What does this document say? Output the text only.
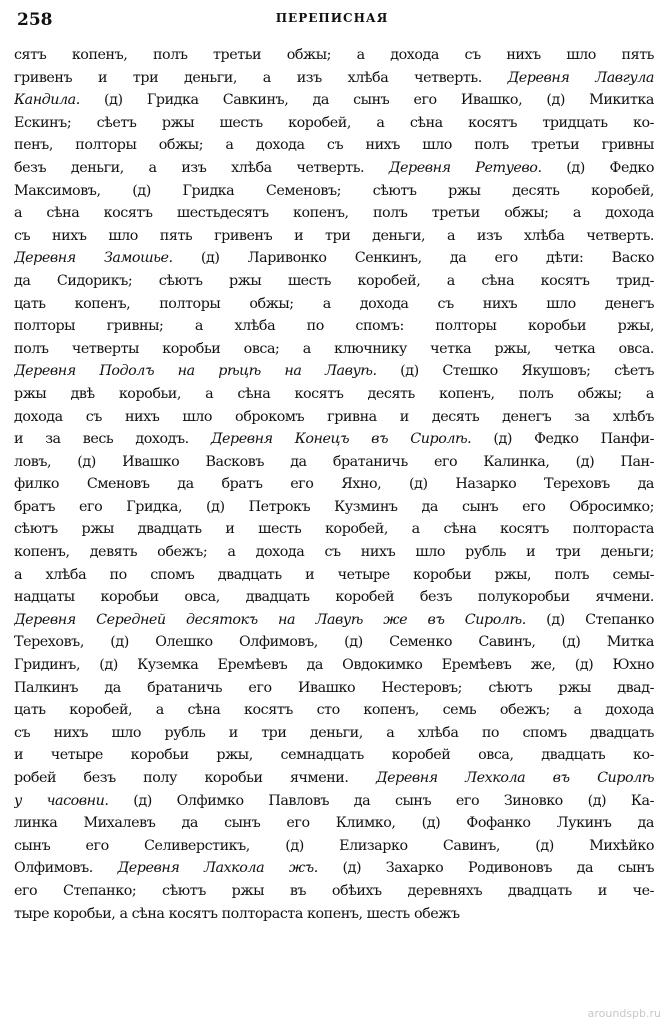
258	ПЕРЕПИСНАЯ
сятъ копенъ, полъ третьи обжы; а дохода съ нихъ шло пять
гривенъ и три деньги, а изъ хлѣба четверть. Деревня Лавгула
Кандила. (д) Гридка Савкинъ, да сынъ его Ивашко, (д) Микитка
Ескинъ; сѣетъ ржы шесть коробей, а сѣна косятъ тридцать ко-
пенъ, полторы обжы; а дохода съ нихъ шло полъ третьи гривны
безъ деньги, а изъ хлѣба четверть. Деревня Ретуево. (д) Федко
Максимовъ, (д) Гридка Семеновъ; сѣютъ ржы десять коробей,
а сѣна косятъ шестьдесятъ копенъ, полъ третьи обжы; а дохода
съ нихъ шло пять гривенъ и три деньги, а изъ хлѣба четверть.
Деревня Замошье. (д) Ларивонко Сенкинъ, да его дѣти: Васко
да Сидорикъ; сѣютъ ржы шесть коробей, а сѣна косятъ трид-
цать копенъ, полторы обжы; а дохода съ нихъ шло денегъ
полторы гривны; а хлѣба по спомъ: полторы коробьи ржы,
полъ четверты коробьи овса; а ключнику четка ржы, четка овса.
Деревня Подолъ на рѣцѣ на Лавуѣ. (д) Стешко Якушовъ; сѣетъ
ржы двѣ коробьи, а сѣна косятъ десять копенъ, полъ обжы; а
дохода съ нихъ шло оброкомъ гривна и десять денегъ за хлѣбъ
и за весь доходъ. Деревня Конецъ въ Сиролѣ. (д) Федко Панфи-
ловъ, (д) Ивашко Васковъ да братаничь его Калинка, (д) Пан-
филко Сменовъ да братъ его Яхно, (д) Назарко Тереховъ да
братъ его Гридка, (д) Петрокъ Кузминъ да сынъ его Обросимко;
сѣютъ ржы двадцать и шесть коробей, а сѣна косятъ полтораста
копенъ, девять обежъ; а дохода съ нихъ шло рубль и три деньги;
а хлѣба по спомъ двадцать и четыре коробьи ржы, полъ семы-
надцаты коробьи овса, двадцать коробей безъ полукоробьи ячмени.
Деревня Середней десятокъ на Лавуѣ же въ Сиролѣ. (д) Степанко
Тереховъ, (д) Олешко Олфимовъ, (д) Семенко Савинъ, (д) Митка
Гридинъ, (д) Куземка Еремѣевъ да Овдокимко Еремѣевъ же, (д) Юхно
Палкинъ да братаничь его Ивашко Нестеровъ; сѣютъ ржы двад-
цать коробей, а сѣна косятъ сто копенъ, семь обежъ; а дохода
съ нихъ шло рубль и три деньги, а хлѣба по спомъ двадцать
и четыре коробьи ржы, семнадцать коробей овса, двадцать ко-
робей безъ полу коробьи ячмени. Деревня Лехкола въ Сиролѣ
у часовни. (д) Олфимко Павловъ да сынъ его Зиновко (д) Ка-
линка Михалевъ да сынъ его Климко, (д) Фофанко Лукинъ да
сынъ его Селиверстикъ, (д) Елизарко Савинъ, (д) Михѣйко
Олфимовъ. Деревня Лахкола жъ. (д) Захарко Родивоновъ да сынъ
его Степанко; сѣютъ ржы въ обѣихъ деревняхъ двадцать и че-
тыре коробьи, а сѣна косятъ полтораста копенъ, шесть обежъ
aroundspb.ru
